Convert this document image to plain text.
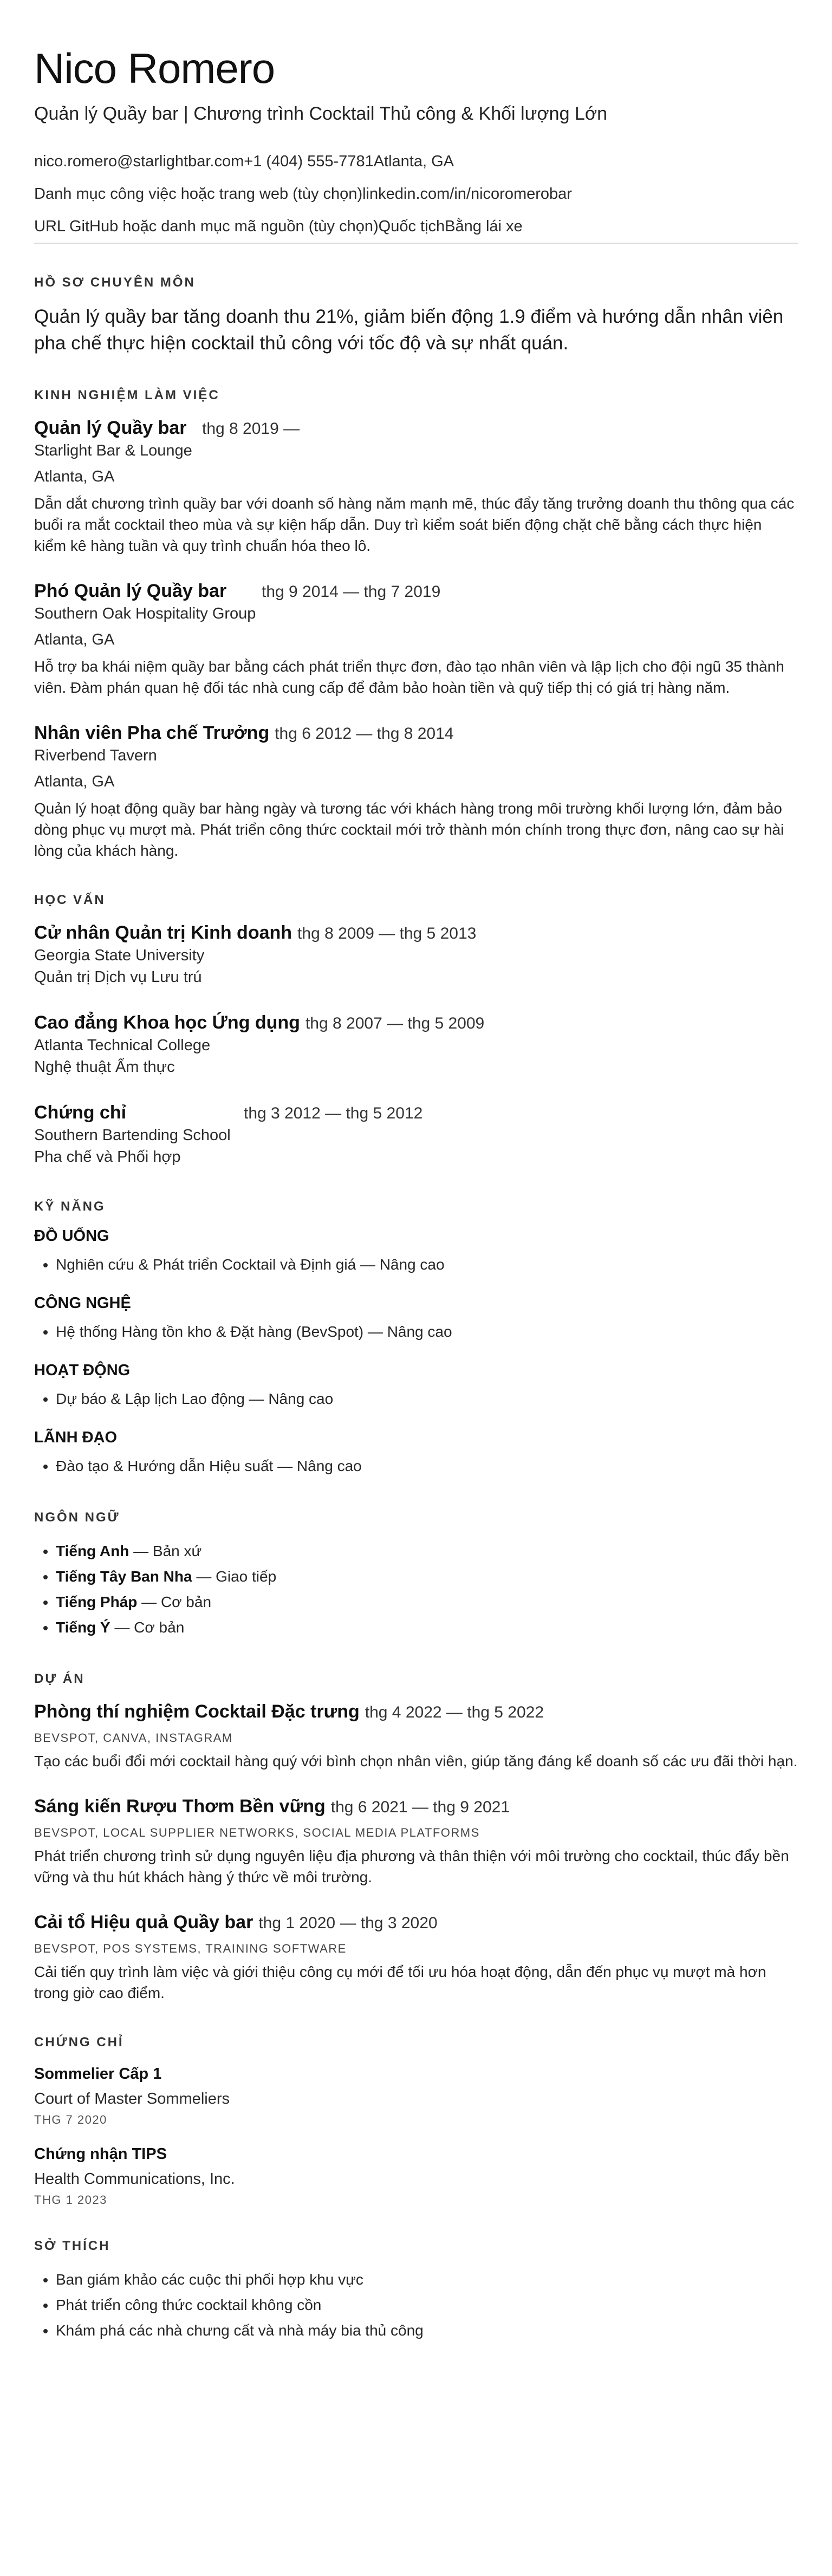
Nico Romero
Quản lý Quầy bar | Chương trình Cocktail Thủ công & Khối lượng Lớn
nico.romero@starlightbar.com +1 (404) 555-7781 Atlanta, GA
Danh mục công việc hoặc trang web (tùy chọn) linkedin.com/in/nicoromerobar
URL GitHub hoặc danh mục mã nguồn (tùy chọn) Quốc tịch Bằng lái xe
HỒ SƠ CHUYÊN MÔN

Quản lý quầy bar tăng doanh thu 21%, giảm biến động 1.9 điểm và hướng dẫn nhân viên pha chế thực hiện cocktail thủ công với tốc độ và sự nhất quán.

KINH NGHIỆM LÀM VIỆC
Quản lý Quầy bar thg 8 2019 —
Starlight Bar & Lounge
Atlanta, GA
Dẫn dắt chương trình quầy bar với doanh số hàng năm mạnh mẽ, thúc đẩy tăng trưởng doanh thu thông qua các buổi ra mắt cocktail theo mùa và sự kiện hấp dẫn. Duy trì kiểm soát biến động chặt chẽ bằng cách thực hiện kiểm kê hàng tuần và quy trình chuẩn hóa theo lô.
Phó Quản lý Quầy bar	thg 9 2014 — thg 7 2019
Southern Oak Hospitality Group
Atlanta, GA
Hỗ trợ ba khái niệm quầy bar bằng cách phát triển thực đơn, đào tạo nhân viên và lập lịch cho đội ngũ 35 thành viên. Đàm phán quan hệ đối tác nhà cung cấp để đảm bảo hoàn tiền và quỹ tiếp thị có giá trị hàng năm.
Nhân viên Pha chế Trưởng thg 6 2012 — thg 8 2014
Riverbend Tavern
Atlanta, GA
Quản lý hoạt động quầy bar hàng ngày và tương tác với khách hàng trong môi trường khối lượng lớn, đảm bảo dòng phục vụ mượt mà. Phát triển công thức cocktail mới trở thành món chính trong thực đơn, nâng cao sự hài lòng của khách hàng.
HỌC VẤN
Cử nhân Quản trị Kinh doanh thg 8 2009 — thg 5 2013
Georgia State University
Quản trị Dịch vụ Lưu trú
Cao đẳng Khoa học Ứng dụng thg 8 2007 — thg 5 2009
Atlanta Technical College
Nghệ thuật Ẩm thực
Chứng chỉ	thg 3 2012 — thg 5 2012
Southern Bartending School
Pha chế và Phối hợp
KỸ NĂNG
ĐỒ UỐNG
• Nghiên cứu & Phát triển Cocktail và Định giá — Nâng cao
CÔNG NGHỆ
• Hệ thống Hàng tồn kho & Đặt hàng (BevSpot) — Nâng cao
HOẠT ĐỘNG
• Dự báo & Lập lịch Lao động — Nâng cao
LÃNH ĐẠO
• Đào tạo & Hướng dẫn Hiệu suất — Nâng cao
NGÔN NGỮ
• Tiếng Anh — Bản xứ
• Tiếng Tây Ban Nha — Giao tiếp
• Tiếng Pháp — Cơ bản
• Tiếng Ý — Cơ bản
DỰ ÁN
Phòng thí nghiệm Cocktail Đặc trưng thg 4 2022 — thg 5 2022
BEVSPOT, CANVA, INSTAGRAM
Tạo các buổi đổi mới cocktail hàng quý với bình chọn nhân viên, giúp tăng đáng kể doanh số các ưu đãi thời hạn.
Sáng kiến Rượu Thơm Bền vững thg 6 2021 — thg 9 2021
BEVSPOT, LOCAL SUPPLIER NETWORKS, SOCIAL MEDIA PLATFORMS
Phát triển chương trình sử dụng nguyên liệu địa phương và thân thiện với môi trường cho cocktail, thúc đẩy bền vững và thu hút khách hàng ý thức về môi trường.
Cải tổ Hiệu quả Quầy bar thg 1 2020 — thg 3 2020
BEVSPOT, POS SYSTEMS, TRAINING SOFTWARE
Cải tiến quy trình làm việc và giới thiệu công cụ mới để tối ưu hóa hoạt động, dẫn đến phục vụ mượt mà hơn trong giờ cao điểm.
CHỨNG CHỈ
Sommelier Cấp 1
Court of Master Sommeliers
THG 7 2020
Chứng nhận TIPS
Health Communications, Inc.
THG 1 2023
SỞ THÍCH
• Ban giám khảo các cuộc thi phối hợp khu vực
• Phát triển công thức cocktail không cồn
• Khám phá các nhà chưng cất và nhà máy bia thủ công
